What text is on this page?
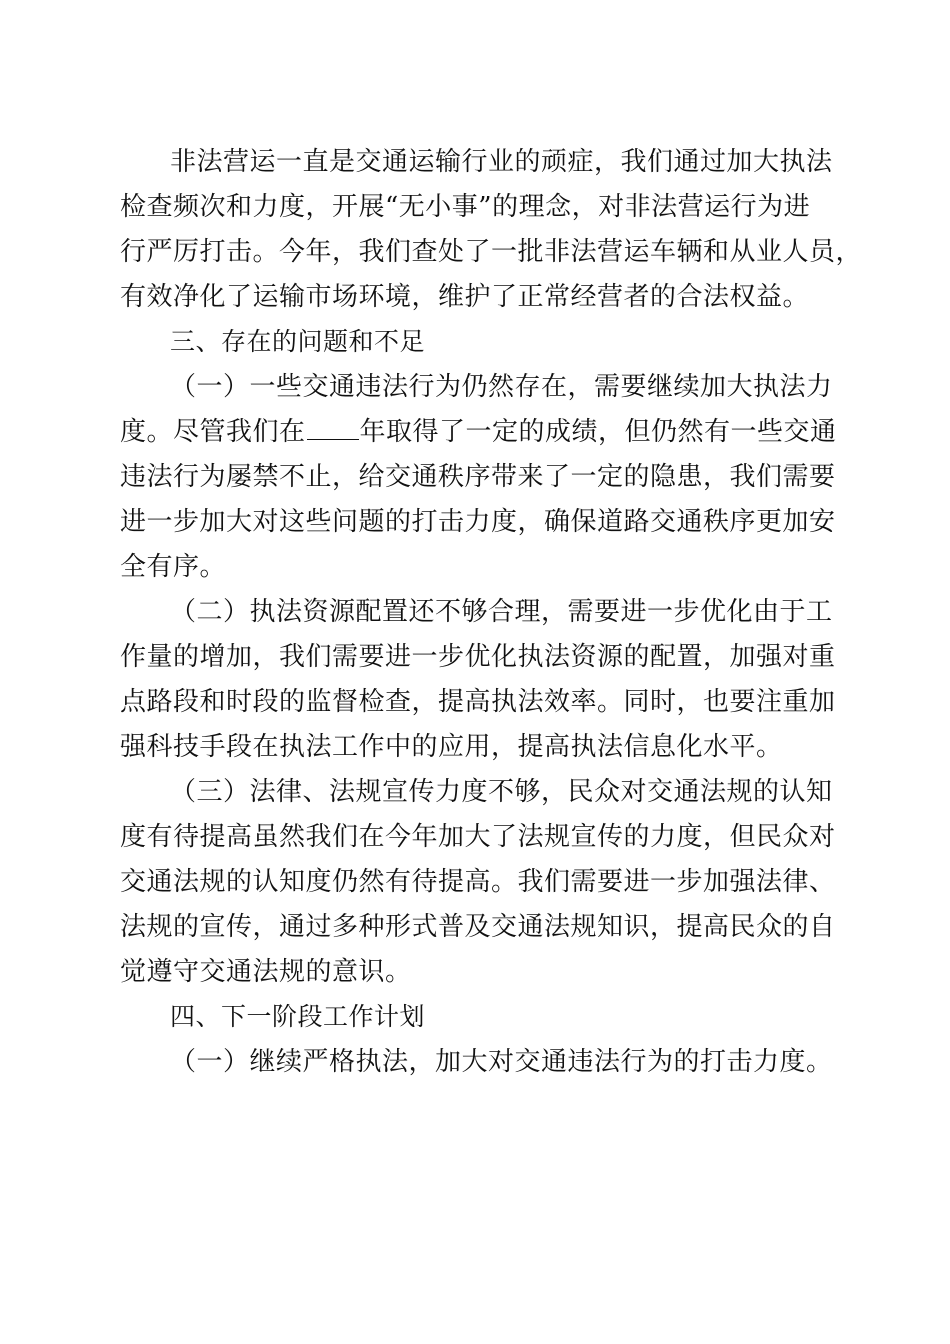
非法营运一直是交通运输行业的顽症，我们通过加大执法
检查频次和力度，开展“无小事”的理念，对非法营运行为进
行严厉打击。今年，我们查处了一批非法营运车辆和从业人员，
有效净化了运输市场环境，维护了正常经营者的合法权益。
三、存在的问题和不足
（一）一些交通违法行为仍然存在，需要继续加大执法力
度。尽管我们在 年取得了一定的成绩，但仍然有一些交通
违法行为屡禁不止，给交通秩序带来了一定的隐患，我们需要
进一步加大对这些问题的打击力度，确保道路交通秩序更加安
全有序。
（二）执法资源配置还不够合理，需要进一步优化由于工
作量的增加，我们需要进一步优化执法资源的配置，加强对重
点路段和时段的监督检查，提高执法效率。同时，也要注重加
强科技手段在执法工作中的应用，提高执法信息化水平。
（三）法律、法规宣传力度不够，民众对交通法规的认知
度有待提高虽然我们在今年加大了法规宣传的力度，但民众对
交通法规的认知度仍然有待提高。我们需要进一步加强法律、
法规的宣传，通过多种形式普及交通法规知识，提高民众的自
觉遵守交通法规的意识。
四、下一阶段工作计划
（一）继续严格执法，加大对交通违法行为的打击力度。
